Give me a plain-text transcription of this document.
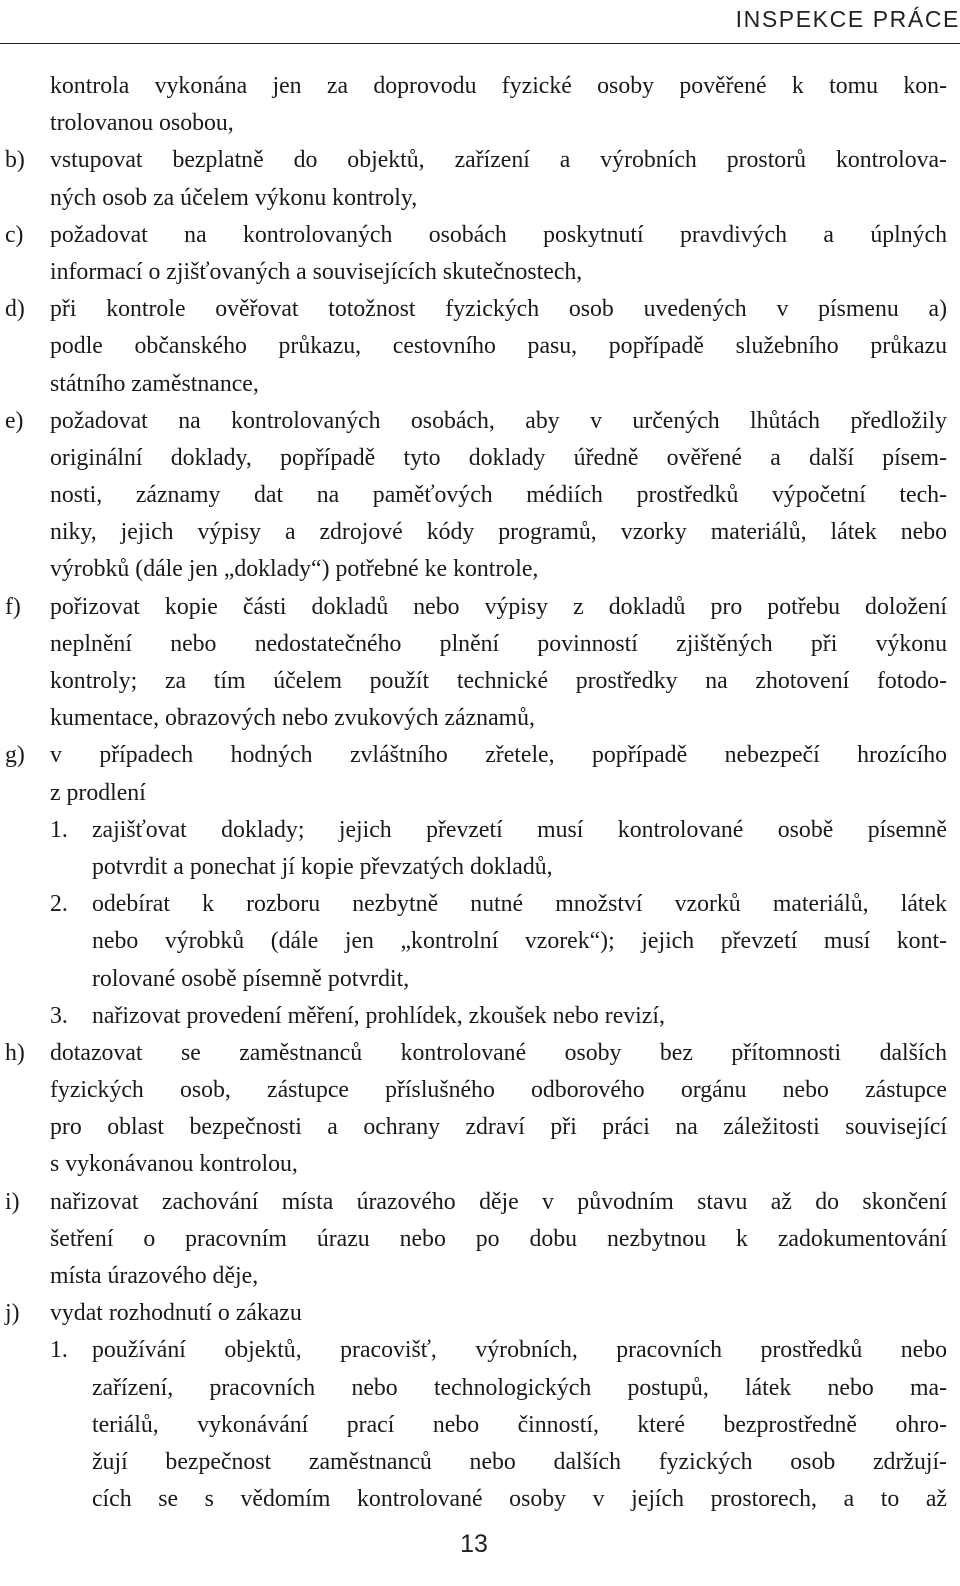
INSPEKCE PRÁCE
kontrola vykonána jen za doprovodu fyzické osoby pověřené k tomu kon-
trolovanou osobou,
b) vstupovat bezplatně do objektů, zařízení a výrobních prostorů kontrolova-
ných osob za účelem výkonu kontroly,
c) požadovat na kontrolovaných osobách poskytnutí pravdivých a úplných
informací o zjišťovaných a souvisejících skutečnostech,
d) při kontrole ověřovat totožnost fyzických osob uvedených v písmenu a)
podle občanského průkazu, cestovního pasu, popřípadě služebního průkazu
státního zaměstnance,
e) požadovat na kontrolovaných osobách, aby v určených lhůtách předložily
originální doklady, popřípadě tyto doklady úředně ověřené a další písem-
nosti, záznamy dat na paměťových médiích prostředků výpočetní tech-
niky, jejich výpisy a zdrojové kódy programů, vzorky materiálů, látek nebo
výrobků (dále jen „doklady“) potřebné ke kontrole,
f) pořizovat kopie části dokladů nebo výpisy z dokladů pro potřebu doložení
neplnění nebo nedostatečného plnění povinností zjištěných při výkonu
kontroly; za tím účelem použít technické prostředky na zhotovení fotodo-
kumentace, obrazových nebo zvukových záznamů,
g) v případech hodných zvláštního zřetele, popřípadě nebezpečí hrozícího
z prodlení
1. zajišťovat doklady; jejich převzetí musí kontrolované osobě písemně
potvrdit a ponechat jí kopie převzatých dokladů,
2. odebírat k rozboru nezbytně nutné množství vzorků materiálů, látek
nebo výrobků (dále jen „kontrolní vzorek“); jejich převzetí musí kont-
rolované osobě písemně potvrdit,
3. nařizovat provedení měření, prohlídek, zkoušek nebo revizí,
h) dotazovat se zaměstnanců kontrolované osoby bez přítomnosti dalších
fyzických osob, zástupce příslušného odborového orgánu nebo zástupce
pro oblast bezpečnosti a ochrany zdraví při práci na záležitosti související
s vykonávanou kontrolou,
i) nařizovat zachování místa úrazového děje v původním stavu až do skončení
šetření o pracovním úrazu nebo po dobu nezbytnou k zadokumentování
místa úrazového děje,
j) vydat rozhodnutí o zákazu
1. používání objektů, pracovišť, výrobních, pracovních prostředků nebo
zařízení, pracovních nebo technologických postupů, látek nebo ma-
teriálů, vykonávání prací nebo činností, které bezprostředně ohro-
žují bezpečnost zaměstnanců nebo dalších fyzických osob zdržují-
cích se s vědomím kontrolované osoby v jejích prostorech, a to až
13
